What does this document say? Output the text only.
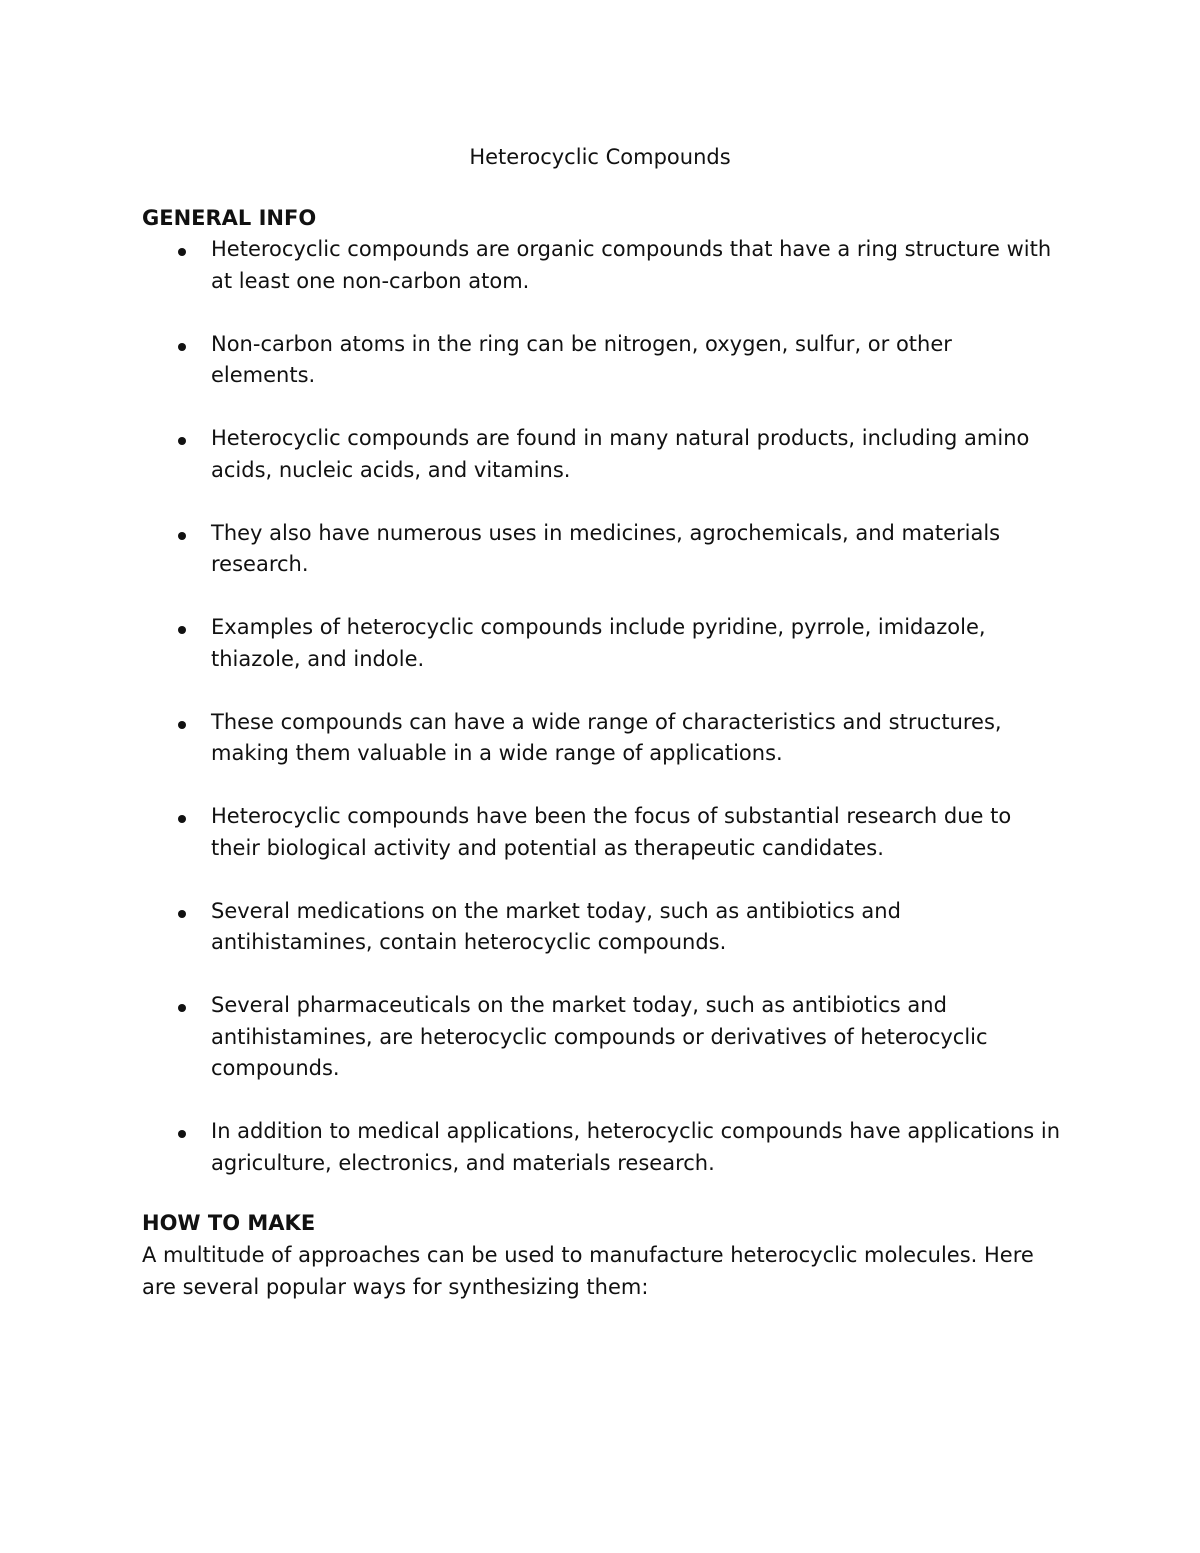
Heterocyclic Compounds
GENERAL INFO
Heterocyclic compounds are organic compounds that have a ring structure with at least one non-carbon atom.
Non-carbon atoms in the ring can be nitrogen, oxygen, sulfur, or other elements.
Heterocyclic compounds are found in many natural products, including amino acids, nucleic acids, and vitamins.
They also have numerous uses in medicines, agrochemicals, and materials research.
Examples of heterocyclic compounds include pyridine, pyrrole, imidazole, thiazole, and indole.
These compounds can have a wide range of characteristics and structures, making them valuable in a wide range of applications.
Heterocyclic compounds have been the focus of substantial research due to their biological activity and potential as therapeutic candidates.
Several medications on the market today, such as antibiotics and antihistamines, contain heterocyclic compounds.
Several pharmaceuticals on the market today, such as antibiotics and antihistamines, are heterocyclic compounds or derivatives of heterocyclic compounds.
In addition to medical applications, heterocyclic compounds have applications in agriculture, electronics, and materials research.
HOW TO MAKE

A multitude of approaches can be used to manufacture heterocyclic molecules. Here are several popular ways for synthesizing them:
